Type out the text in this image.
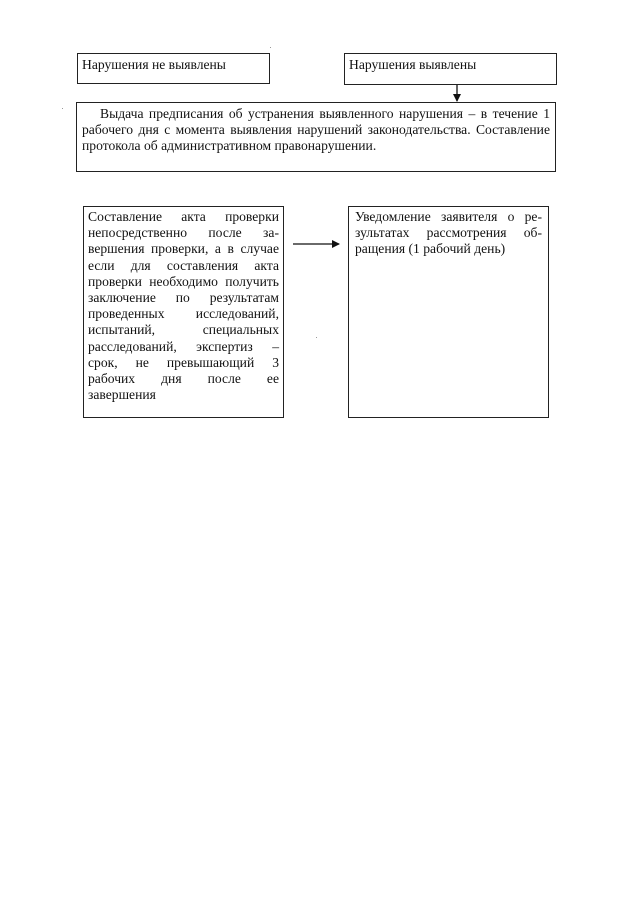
Нарушения не выявлены	Нарушения выявлены
Выдача предписания об устранения выявленного нарушения – в течение 1 рабочего дня с момента выявления нарушений законодательства. Составление протокола об административном правонарушении.
Составление акта проверки непосредственно после завершения проверки, а в случае если для составления акта проверки необходимо получить заключение по результатам проведенных исследований, испытаний, специальных расследований, экспертиз – срок, не превышающий 3 рабочих дня после ее завершения
Уведомление заявителя о результатах рассмотрения обращения (1 рабочий день)
